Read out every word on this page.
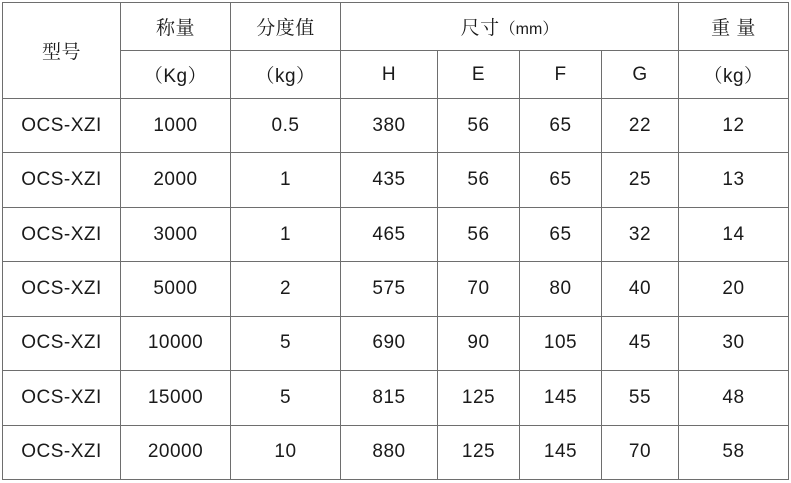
型号	称量	分度值	尺寸（mm）				重 量
	（Kg）	（kg）	H	E	F	G	（kg）
OCS-XZI	1000	0.5	380	56	65	22	12
OCS-XZI	2000	1	435	56	65	25	13
OCS-XZI	3000	1	465	56	65	32	14
OCS-XZI	5000	2	575	70	80	40	20
OCS-XZI	10000	5	690	90	105	45	30
OCS-XZI	15000	5	815	125	145	55	48
OCS-XZI	20000	10	880	125	145	70	58
